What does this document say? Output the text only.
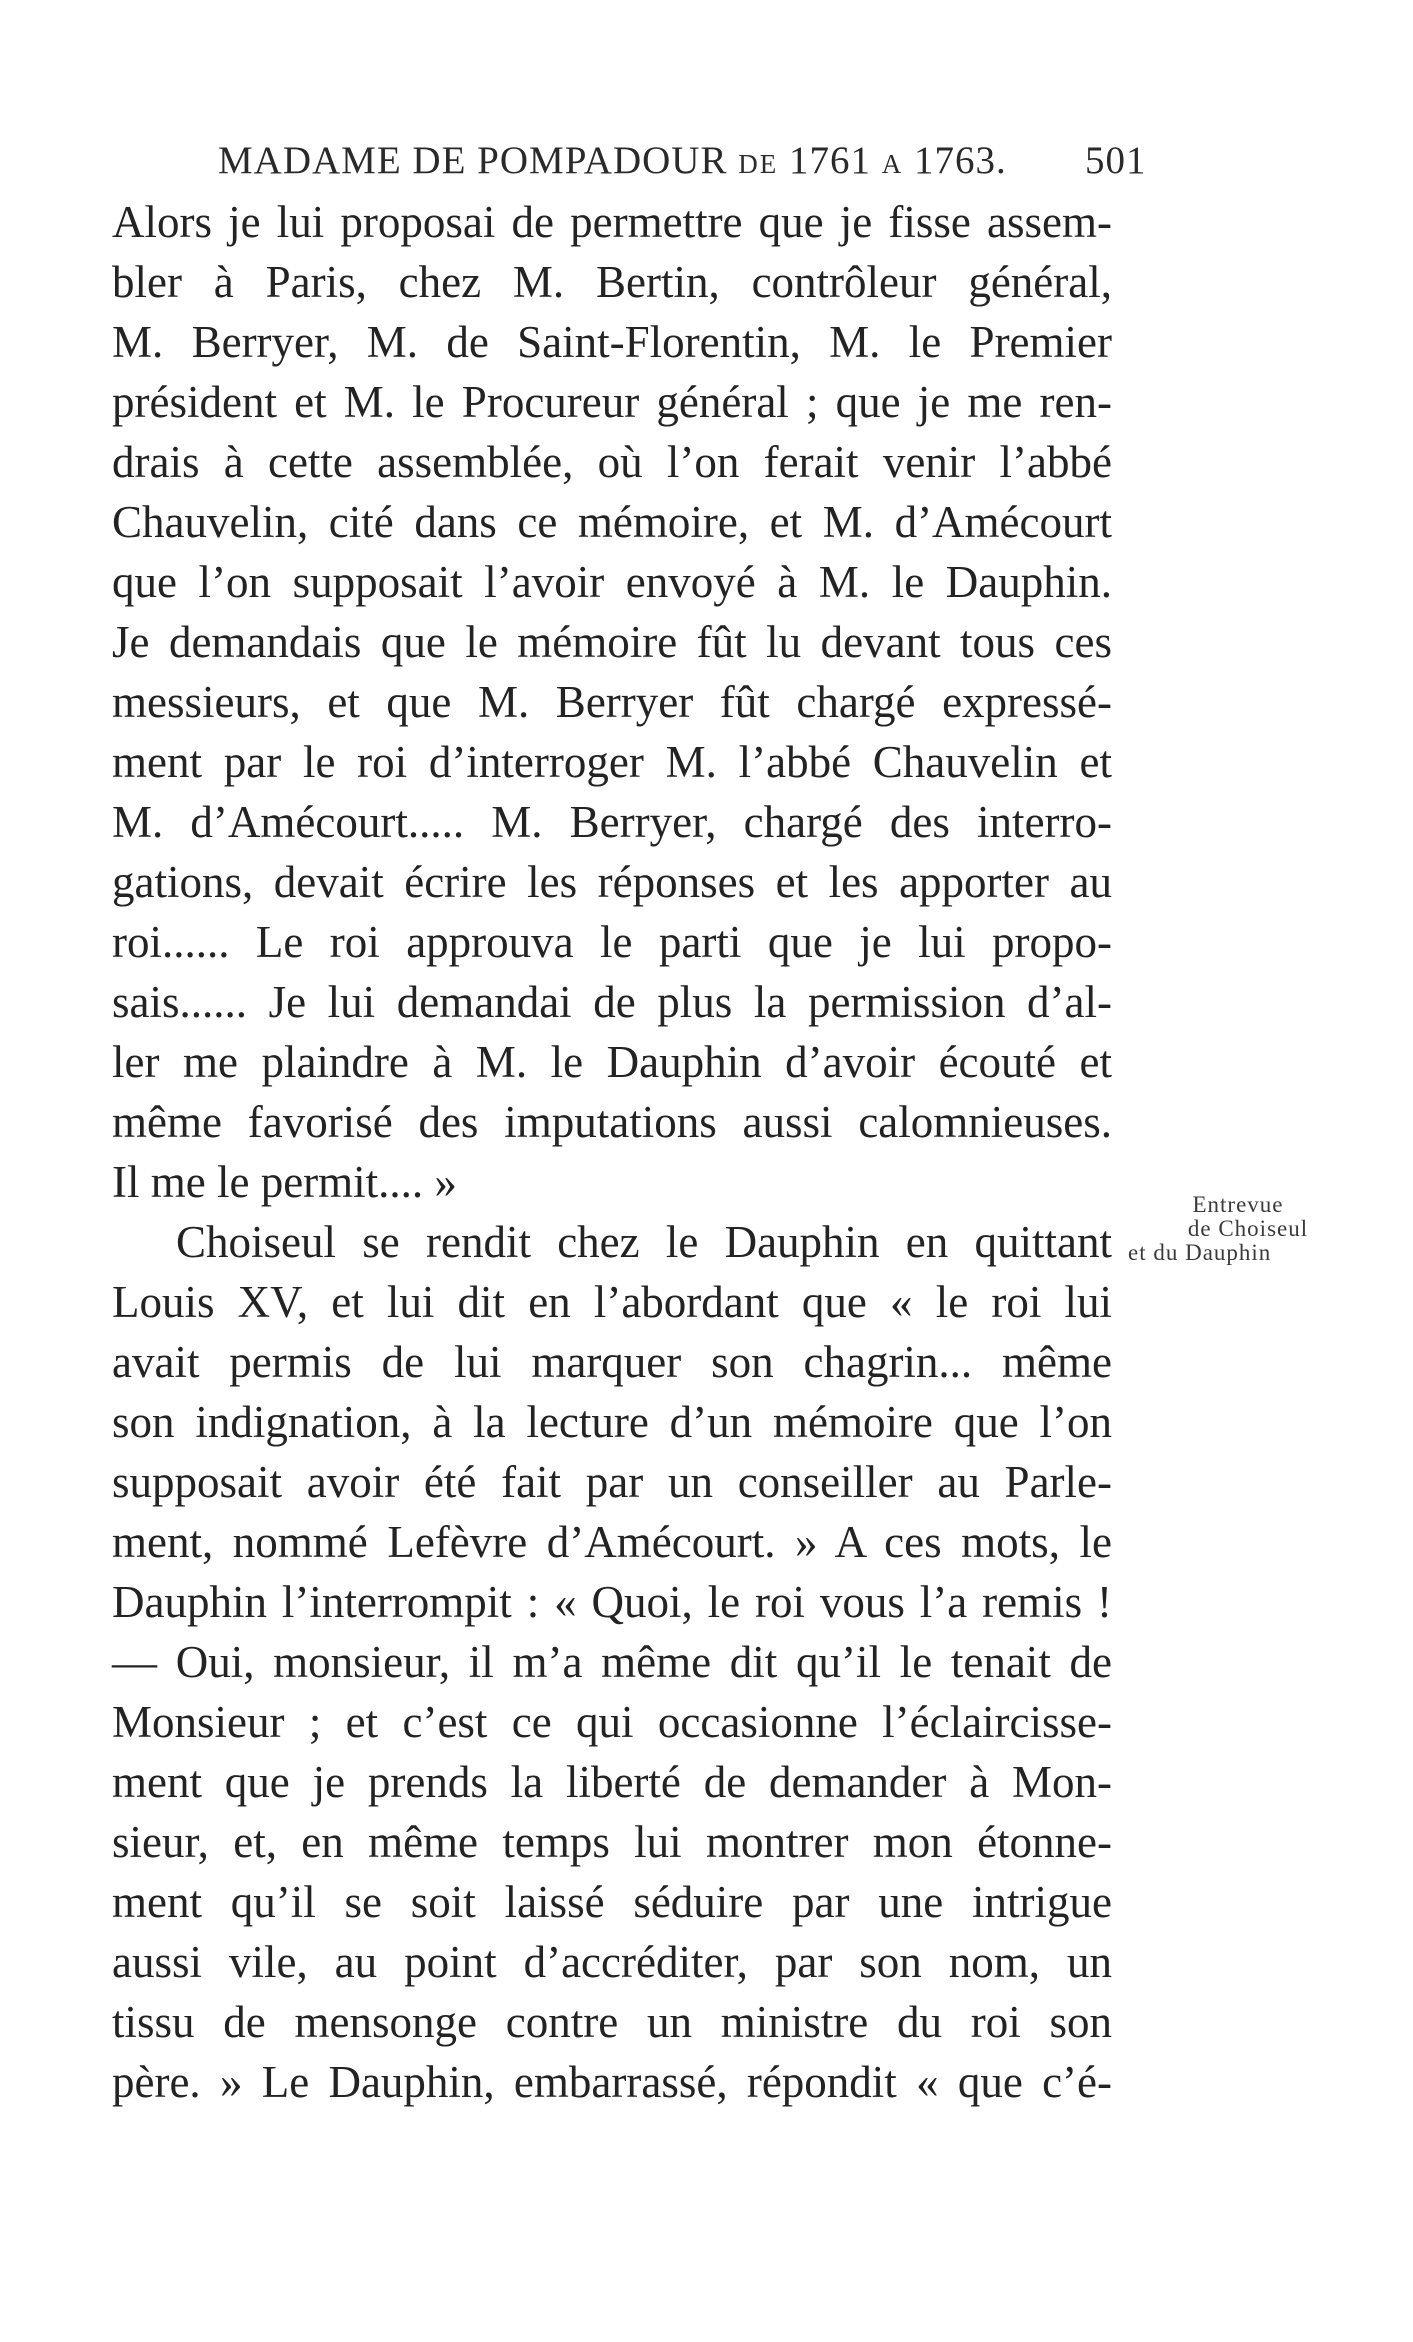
MADAME DE POMPADOUR DE 1761 A 1763. 501
Alors je lui proposai de permettre que je fisse assem-
bler à Paris, chez M. Bertin, contrôleur général,
M. Berryer, M. de Saint-Florentin, M. le Premier
président et M. le Procureur général ; que je me ren-
drais à cette assemblée, où l’on ferait venir l’abbé
Chauvelin, cité dans ce mémoire, et M. d’Amécourt
que l’on supposait l’avoir envoyé à M. le Dauphin.
Je demandais que le mémoire fût lu devant tous ces
messieurs, et que M. Berryer fût chargé expressé-
ment par le roi d’interroger M. l’abbé Chauvelin et
M. d’Amécourt..... M. Berryer, chargé des interro-
gations, devait écrire les réponses et les apporter au
roi...... Le roi approuva le parti que je lui propo-
sais...... Je lui demandai de plus la permission d’al-
ler me plaindre à M. le Dauphin d’avoir écouté et
même favorisé des imputations aussi calomnieuses.
Il me le permit.... »
Choiseul se rendit chez le Dauphin en quittant
Louis XV, et lui dit en l’abordant que « le roi lui
avait permis de lui marquer son chagrin... même
son indignation, à la lecture d’un mémoire que l’on
supposait avoir été fait par un conseiller au Parle-
ment, nommé Lefèvre d’Amécourt. » A ces mots, le
Dauphin l’interrompit : « Quoi, le roi vous l’a remis !
— Oui, monsieur, il m’a même dit qu’il le tenait de
Monsieur ; et c’est ce qui occasionne l’éclaircisse-
ment que je prends la liberté de demander à Mon-
sieur, et, en même temps lui montrer mon étonne-
ment qu’il se soit laissé séduire par une intrigue
aussi vile, au point d’accréditer, par son nom, un
tissu de mensonge contre un ministre du roi son
père. » Le Dauphin, embarrassé, répondit « que c’é-
Entrevue
de Choiseul
et du Dauphin
